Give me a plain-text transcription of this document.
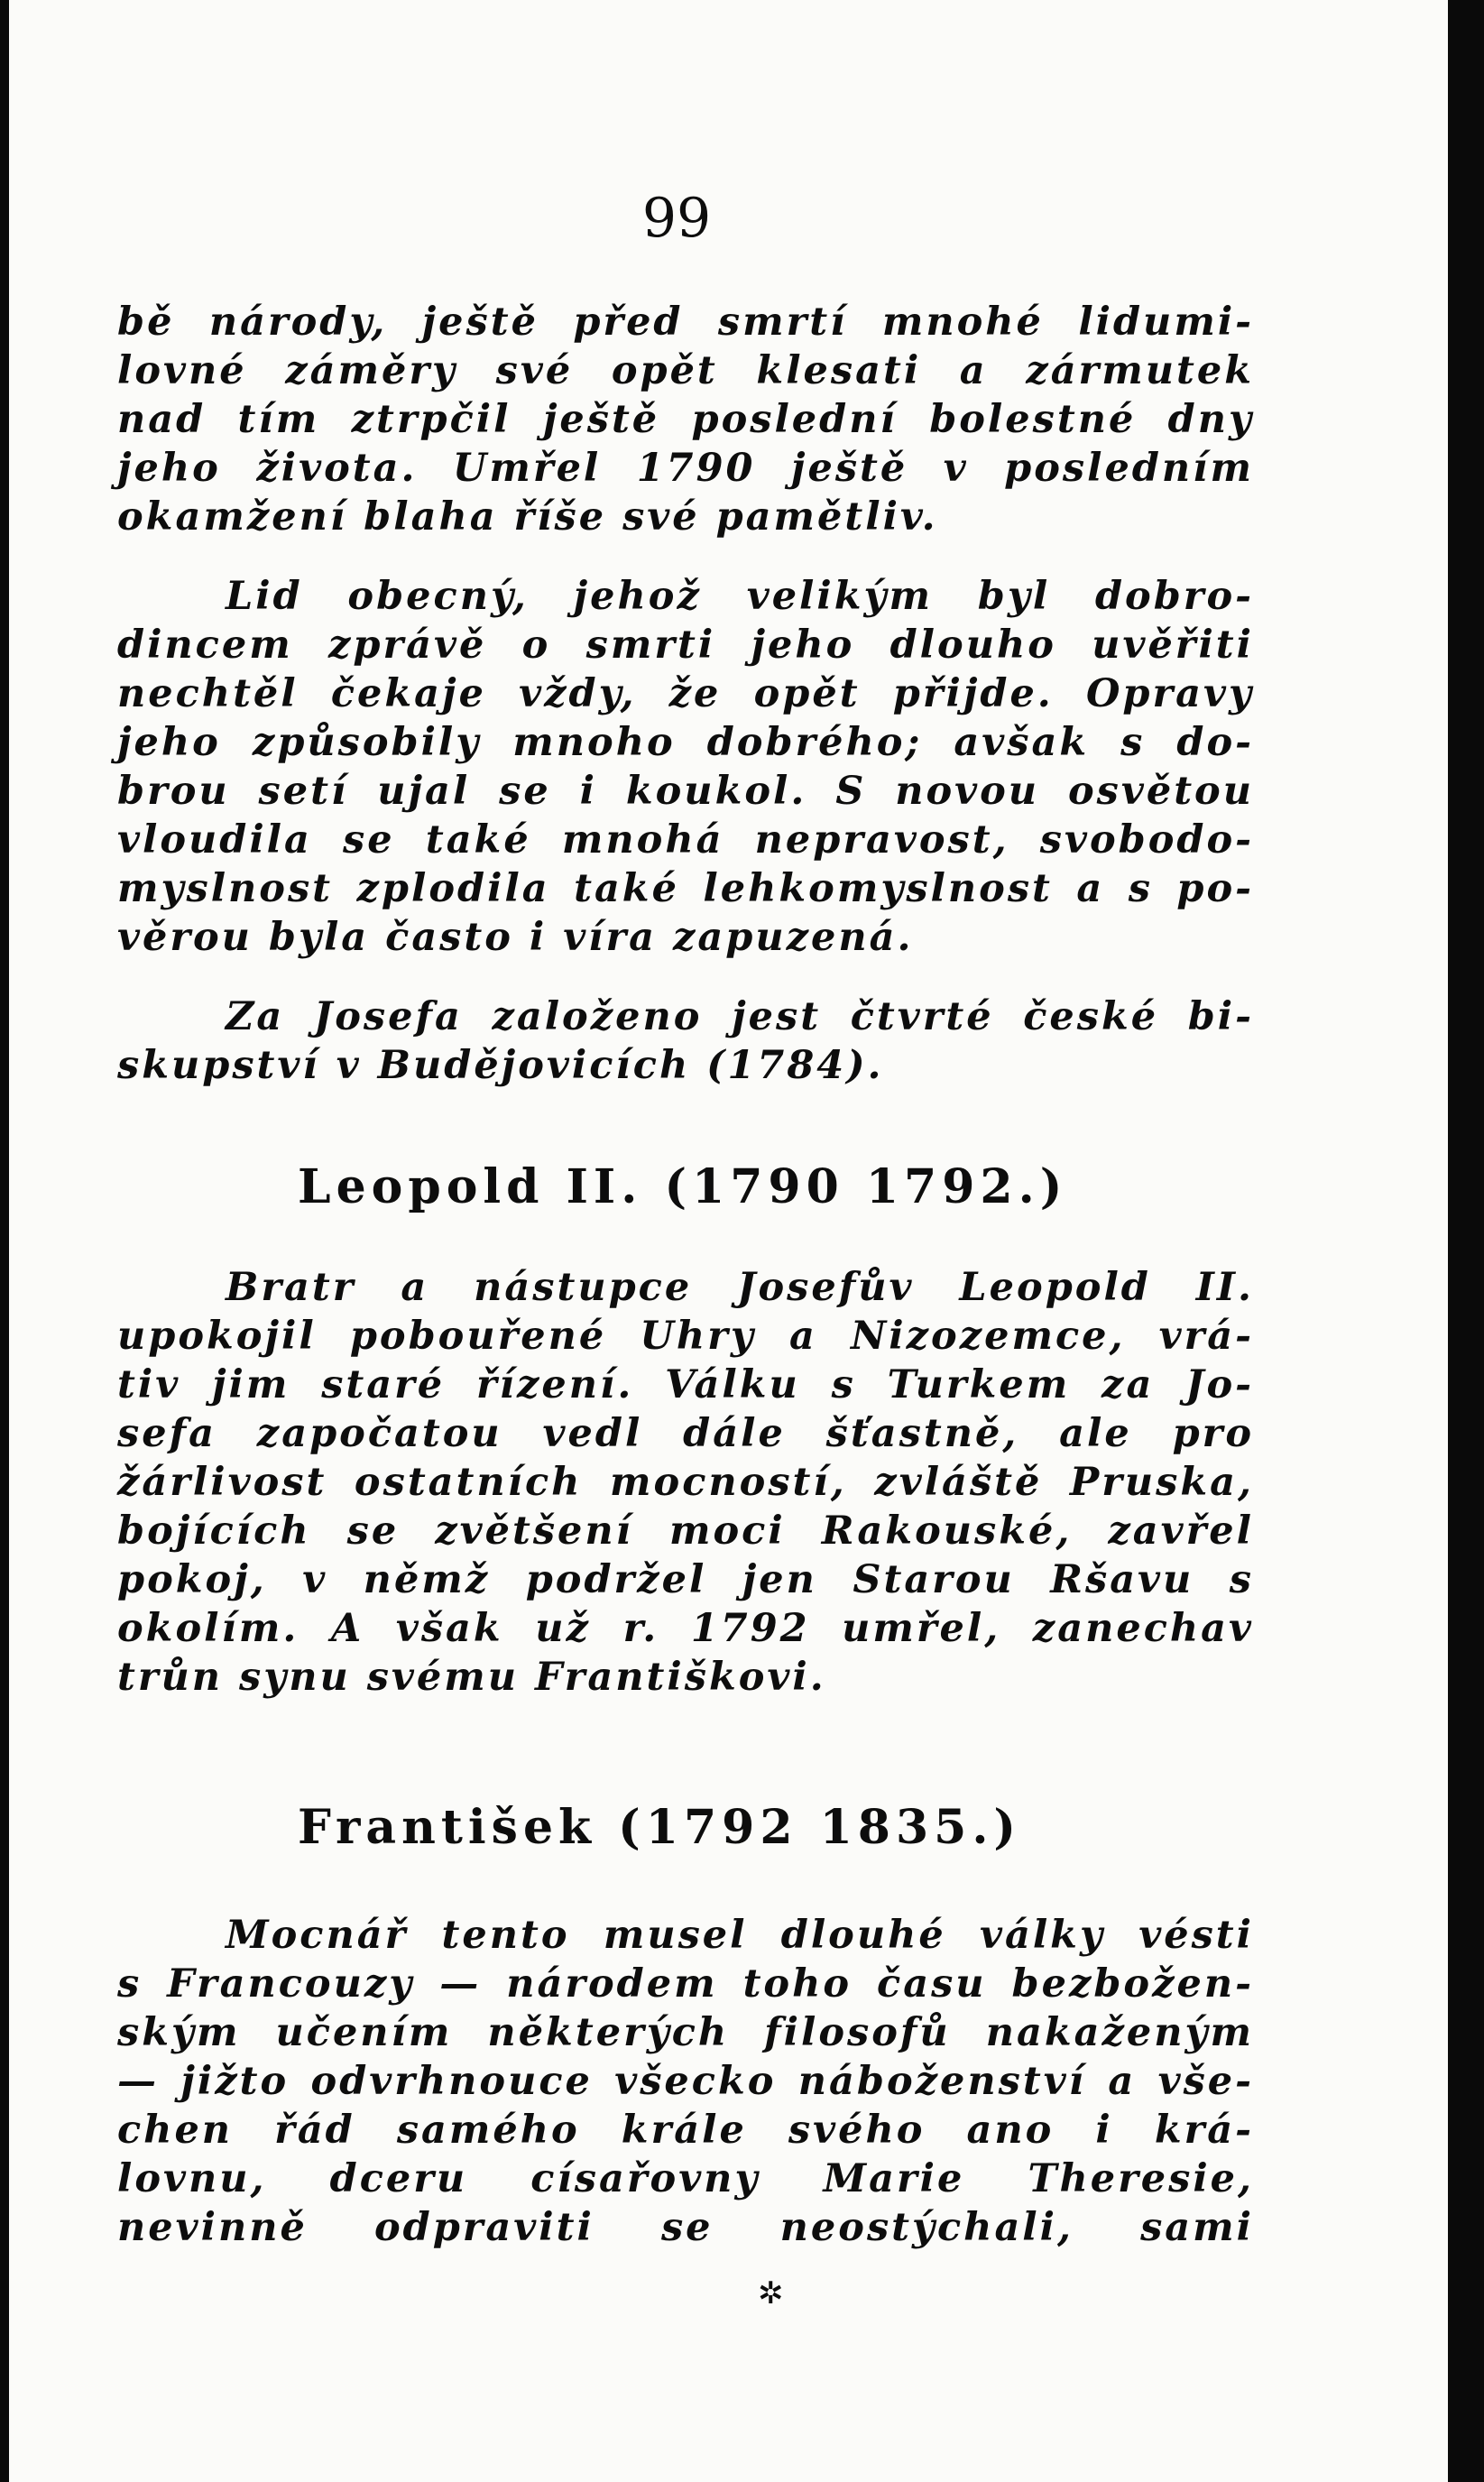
99
bě národy, ještě před smrtí mnohé lidumi-
lovné záměry své opět klesati a zármutek
nad tím ztrpčil ještě poslední bolestné dny
jeho života. Umřel 1790 ještě v posledním
okamžení blaha říše své pamětliv.
Lid obecný, jehož velikým byl dobro-
dincem zprávě o smrti jeho dlouho uvěřiti
nechtěl čekaje vždy, že opět přijde. Opravy
jeho způsobily mnoho dobrého; avšak s do-
brou setí ujal se i koukol. S novou osvětou
vloudila se také mnohá nepravost, svobodo-
myslnost zplodila také lehkomyslnost a s po-
věrou byla často i víra zapuzená.
Za Josefa založeno jest čtvrté české bi-
skupství v Budějovicích (1784).
Leopold II. (1790 1792.)
Bratr a nástupce Josefův Leopold II.
upokojil pobouřené Uhry a Nizozemce, vrá-
tiv jim staré řízení. Válku s Turkem za Jo-
sefa započatou vedl dále šťastně, ale pro
žárlivost ostatních mocností, zvláště Pruska,
bojících se zvětšení moci Rakouské, zavřel
pokoj, v němž podržel jen Starou Ršavu s
okolím. A však už r. 1792 umřel, zanechav
trůn synu svému Františkovi.
František (1792 1835.)
Mocnář tento musel dlouhé války vésti
s Francouzy — národem toho času bezbožen-
ským učením některých filosofů nakaženým
— jižto odvrhnouce všecko náboženství a vše-
chen řád samého krále svého ano i krá-
lovnu, dceru císařovny Marie Theresie,
nevinně odpraviti se neostýchali, sami
✲
